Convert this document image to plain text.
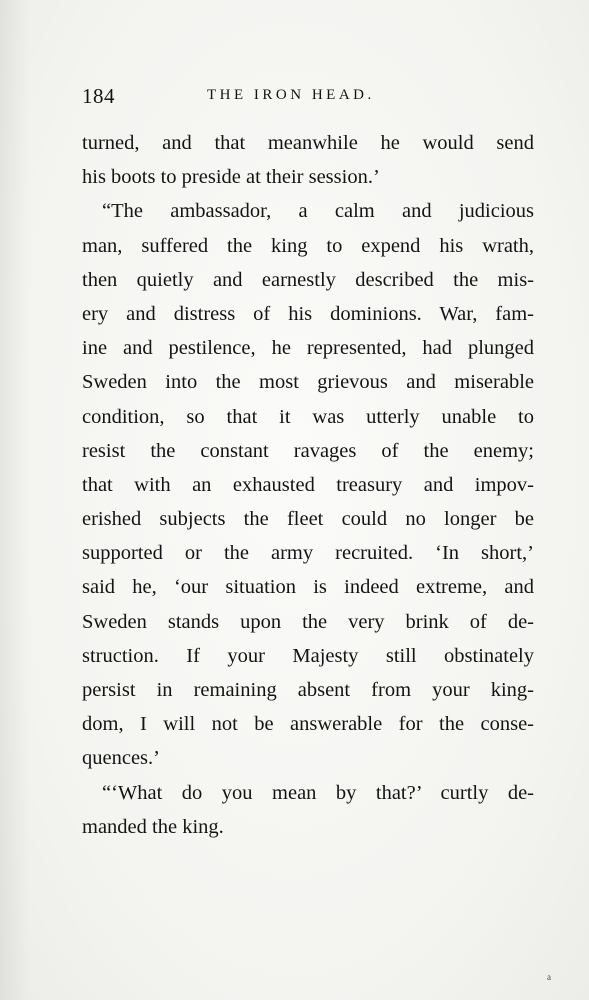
184	THE IRON HEAD.
turned, and that meanwhile he would send
his boots to preside at their session.’
“The ambassador, a calm and judicious
man, suffered the king to expend his wrath,
then quietly and earnestly described the mis-
ery and distress of his dominions. War, fam-
ine and pestilence, he represented, had plunged
Sweden into the most grievous and miserable
condition, so that it was utterly unable to
resist the constant ravages of the enemy;
that with an exhausted treasury and impov-
erished subjects the fleet could no longer be
supported or the army recruited. ‘In short,’
said he, ‘our situation is indeed extreme, and
Sweden stands upon the very brink of de-
struction. If your Majesty still obstinately
persist in remaining absent from your king-
dom, I will not be answerable for the conse-
quences.’
“‘What do you mean by that?’ curtly de-
manded the king.
a
